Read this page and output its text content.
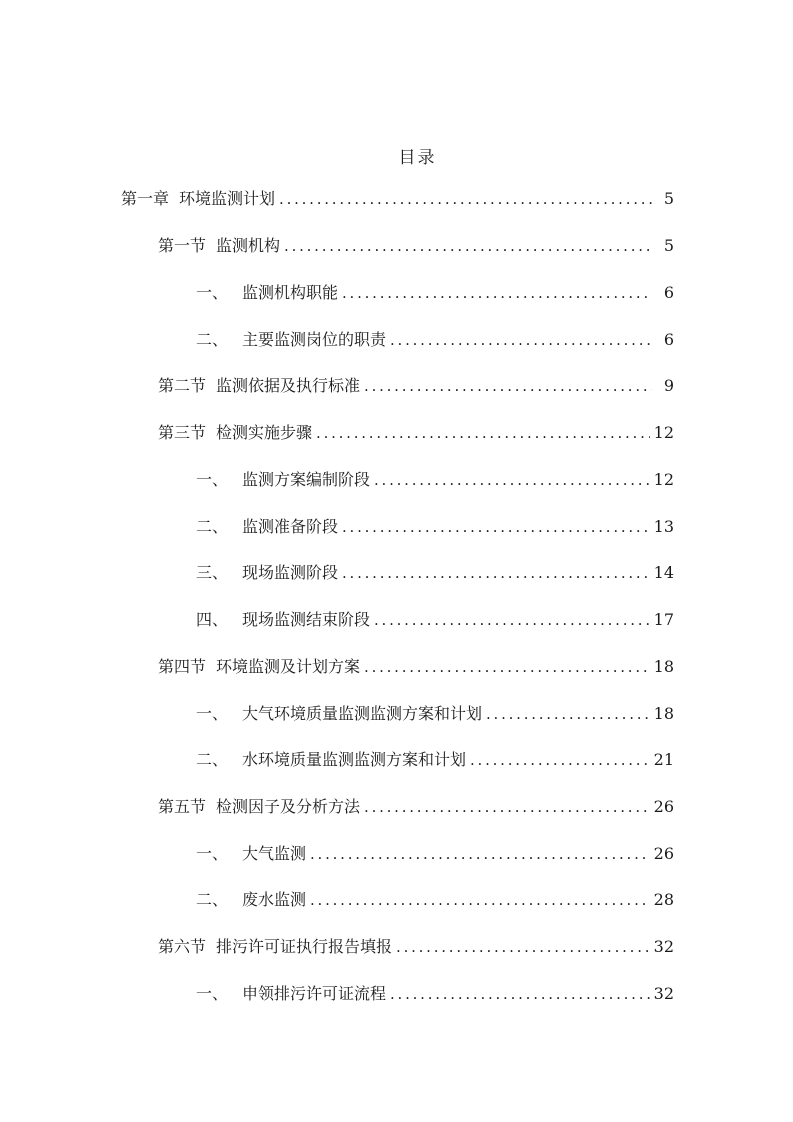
目录
第一章 环境监测计划 . . .	5
第一节 监测机构 . . .	5
一、 监测机构职能 . . .	6
二、 主要监测岗位的职责 . . .	6
第二节 监测依据及执行标准 . . .	9
第三节 检测实施步骤 . . .	12
一、 监测方案编制阶段 . . .	12
二、 监测准备阶段 . . .	13
三、 现场监测阶段 . . .	14
四、 现场监测结束阶段 . . .	17
第四节 环境监测及计划方案 . . .	18
一、 大气环境质量监测监测方案和计划 . . .	18
二、 水环境质量监测监测方案和计划 . . .	21
第五节 检测因子及分析方法 . . .	26
一、 大气监测 . . .	26
二、 废水监测 . . .	28
第六节 排污许可证执行报告填报 . . .	32
一、 申领排污许可证流程 . . .	32
